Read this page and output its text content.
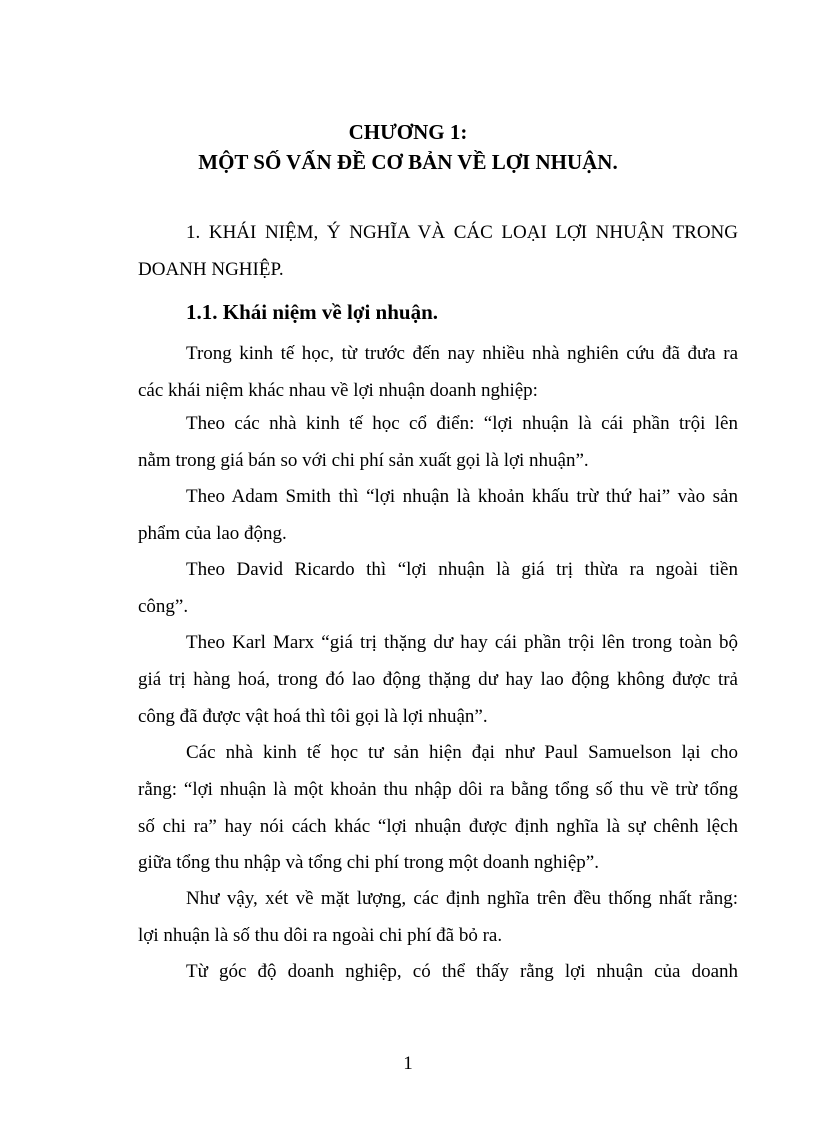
CHƯƠNG 1:
MỘT SỐ VẤN ĐỀ CƠ BẢN VỀ LỢI NHUẬN.
1. KHÁI NIỆM, Ý NGHĨA VÀ CÁC LOẠI LỢI NHUẬN TRONG
DOANH NGHIỆP.
1.1. Khái niệm về lợi nhuận.
Trong kinh tế học, từ trước đến nay nhiều nhà nghiên cứu đã đưa ra
các khái niệm khác nhau về lợi nhuận doanh nghiệp:
Theo các nhà kinh tế học cổ điển: “lợi nhuận là cái phần trội lên
nằm trong giá bán so với chi phí sản xuất gọi là lợi nhuận”.
Theo Adam Smith thì “lợi nhuận là khoản khấu trừ thứ hai” vào sản
phẩm của lao động.
Theo David Ricardo thì “lợi nhuận là giá trị thừa ra ngoài tiền
công”.
Theo Karl Marx “giá trị thặng dư hay cái phần trội lên trong toàn bộ
giá trị hàng hoá, trong đó lao động thặng dư hay lao động không được trả
công đã được vật hoá thì tôi gọi là lợi nhuận”.
Các nhà kinh tế học tư sản hiện đại như Paul Samuelson lại cho
rằng: “lợi nhuận là một khoản thu nhập dôi ra bằng tổng số thu về trừ tổng
số chi ra” hay nói cách khác “lợi nhuận được định nghĩa là sự chênh lệch
giữa tổng thu nhập và tổng chi phí trong một doanh nghiệp”.
Như vậy, xét về mặt lượng, các định nghĩa trên đều thống nhất rằng:
lợi nhuận là số thu dôi ra ngoài chi phí đã bỏ ra.
Từ góc độ doanh nghiệp, có thể thấy rằng lợi nhuận của doanh
1
